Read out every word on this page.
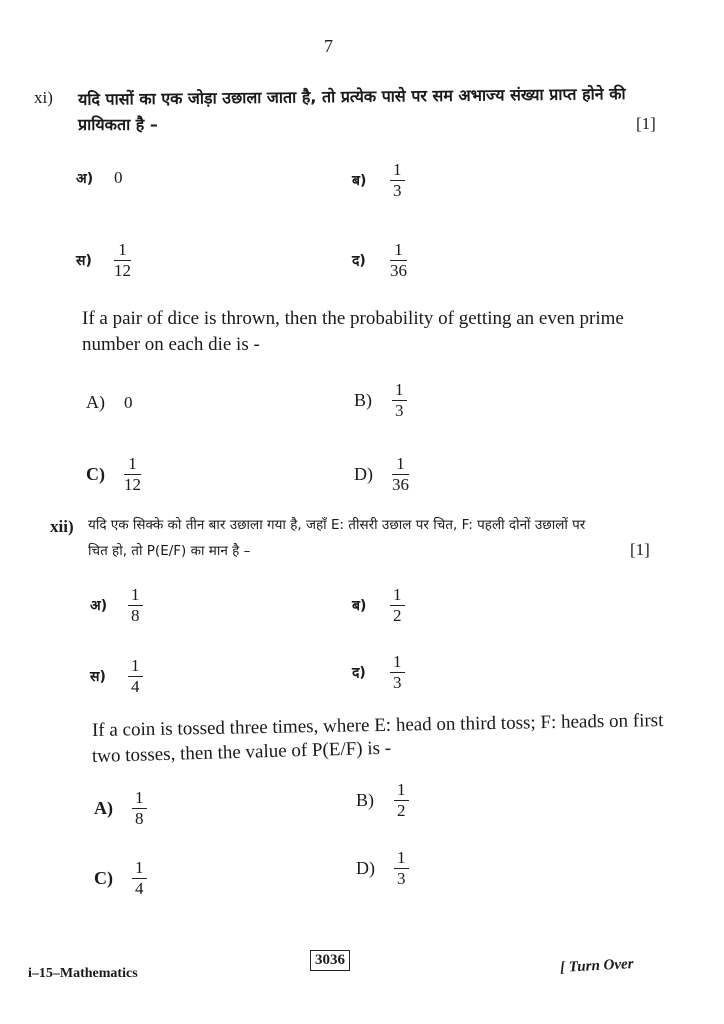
7
xi) यदि पासों का एक जोड़ा उछाला जाता है, तो प्रत्येक पासे पर सम अभाज्य संख्या प्राप्त होने की
प्रायिकता है –	[1]
अ) 0	ब)	$\frac{1}{3}$
स)	$\frac{1}{12}$	द)	$\frac{1}{36}$
If a pair of dice is thrown, then the probability of getting an even prime
number on each die is -
A) 0	$B) \frac{1}{3}$
$C) \frac{1}{12}$	$D) \frac{1}{36}$
xii) यदि एक सिक्के को तीन बार उछाला गया है, जहाँ E: तीसरी उछाल पर चित, F: पहली दोनों उछालों पर
चित हो, तो P(E/F) का मान है –	[1]
अ) $\frac{1}{8}$	ब)	$\frac{1}{2}$
स)	$\frac{1}{4}$	द)	$\frac{1}{3}$
If a coin is tossed three times, where E: head on third toss; F: heads on first
two tosses, then the value of P(E/F) is -
$A) \frac{1}{8}$	$B) \frac{1}{2}$
$C) \frac{1}{4}$	$D) \frac{1}{3}$
i–15–Mathematics
3036	[ Turn Over
